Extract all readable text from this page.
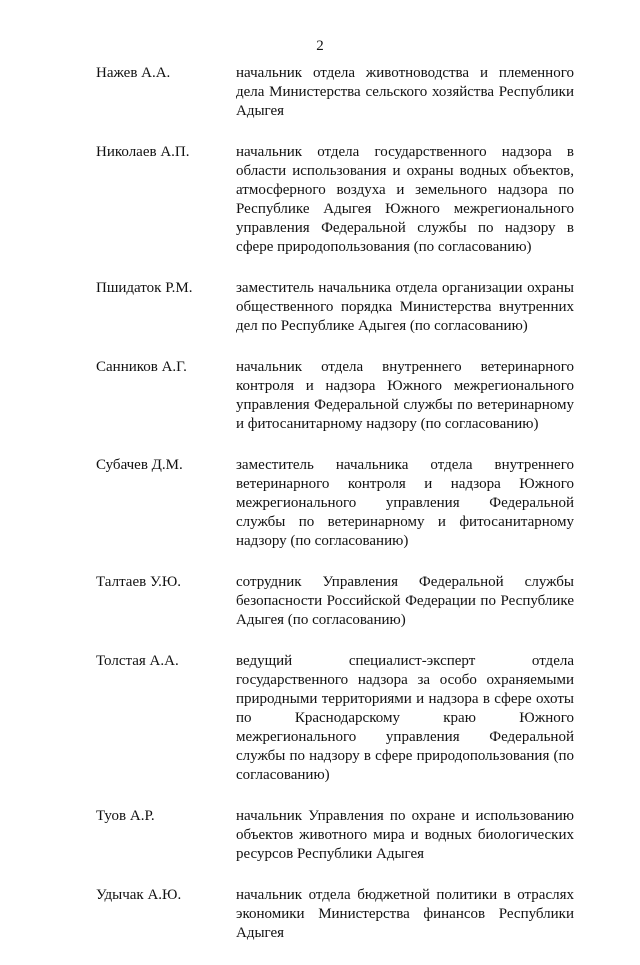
2
Нажев А.А.	начальник отдела животноводства и племенного дела Министерства сельского хозяйства Республики Адыгея
Николаев А.П.	начальник отдела государственного надзора в области использования и охраны водных объектов, атмосферного воздуха и земельного надзора по Республике Адыгея Южного межрегионального управления Федеральной службы по надзору в сфере природопользования (по согласованию)
Пшидаток Р.М.	заместитель начальника отдела организации охраны общественного порядка Министерства внутренних дел по Республике Адыгея (по согласованию)
Санников А.Г.	начальник отдела внутреннего ветеринарного контроля и надзора Южного межрегионального управления Федеральной службы по ветеринарному и фитосанитарному надзору (по согласованию)
Субачев Д.М.	заместитель начальника отдела внутреннего ветеринарного контроля и надзора Южного межрегионального управления Федеральной службы по ветеринарному и фитосанитарному надзору (по согласованию)
Талтаев У.Ю.	сотрудник Управления Федеральной службы безопасности Российской Федерации по Республике Адыгея (по согласованию)
Толстая А.А.	ведущий специалист-эксперт отдела государственного надзора за особо охраняемыми природными территориями и надзора в сфере охоты по Краснодарскому краю Южного межрегионального управления Федеральной службы по надзору в сфере природопользования (по согласованию)
Туов А.Р.	начальник Управления по охране и использованию объектов животного мира и водных биологических ресурсов Республики Адыгея
Удычак А.Ю.	начальник отдела бюджетной политики в отраслях экономики Министерства финансов Республики Адыгея
